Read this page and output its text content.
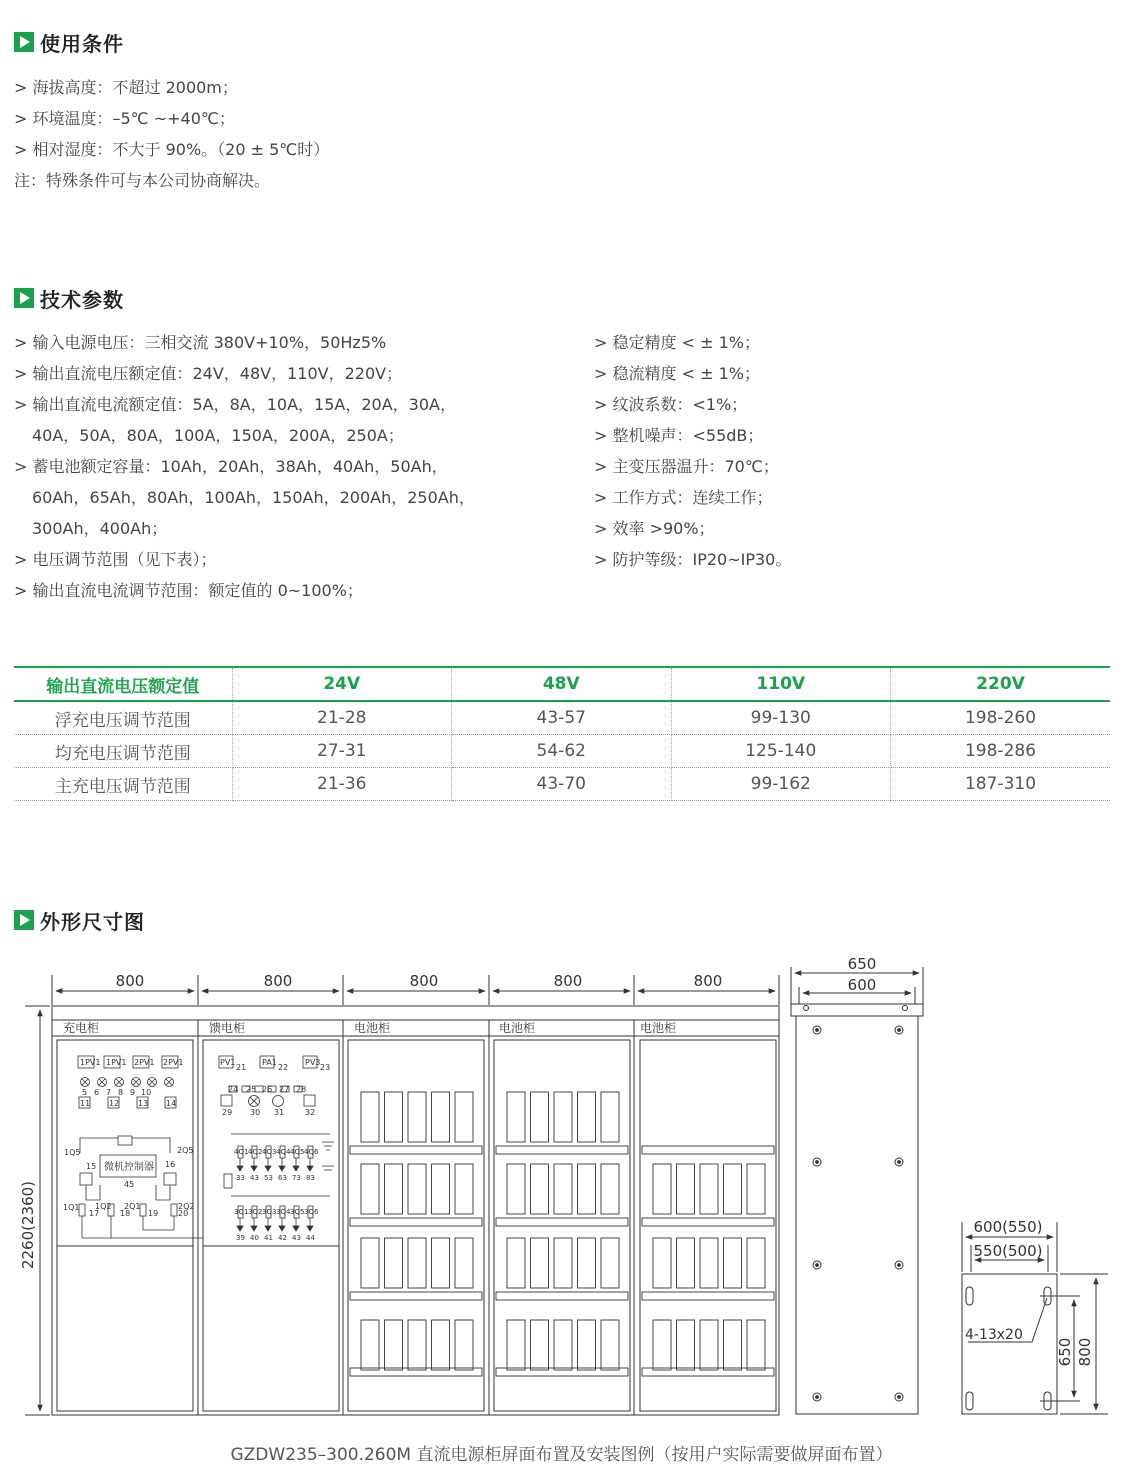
使用条件
> 海拔高度：不超过 2000m；
> 环境温度：–5℃ ~+40℃；
> 相对湿度：不大于 90%。（20 ± 5℃时）
注：特殊条件可与本公司协商解决。
技术参数
> 输入电源电压：三相交流 380V+10%，50Hz5%
> 输出直流电压额定值：24V，48V，110V，220V；
> 输出直流电流额定值：5A，8A，10A，15A，20A，30A，
40A，50A，80A，100A，150A，200A，250A；
> 蓄电池额定容量：10Ah，20Ah，38Ah，40Ah，50Ah，
60Ah，65Ah，80Ah，100Ah，150Ah，200Ah，250Ah，
300Ah，400Ah；
> 电压调节范围（见下表）；
> 输出直流电流调节范围：额定值的 0~100%；
> 稳定精度 < ± 1%；
> 稳流精度 < ± 1%；
> 纹波系数：<1%；
> 整机噪声：<55dB；
> 主变压器温升：70℃；
> 工作方式：连续工作；
> 效率 >90%；
> 防护等级：IP20~IP30。
输出直流电压额定值	24V	48V	110V	220V
浮充电压调节范围	21-28	43-57	99-130	198-260
均充电压调节范围	27-31	54-62	125-140	198-286
主充电压调节范围	21-36	43-70	99-162	187-310
外形尺寸图
800	800	800	800	800
充电柜	馈电柜	电池柜	电池柜	电池柜
2260(2360)
650
600
600(550)
550(500)
4-13x20
650 800
1PV1 1PV1 2PV1 2PV1
5 6 7 8 9 10
11 12 13 14
15	16
45
17	18 19 20
1Q5	2Q5
1Q1 1Q2 2Q1	2Q2
微机控制器
PV1
21
PA1
22
PV3
23
24 25 26 27 28
29 30 31	32
4Q1
33
4Q2
43
4Q3
53
4Q4
63
4Q5
73
4Q6
83
3Q1
39
3Q2
40
3Q3
41
3Q4
42
3Q5
43
3Q6
44
GZDW235–300.260M 直流电源柜屏面布置及安装图例（按用户实际需要做屏面布置）
